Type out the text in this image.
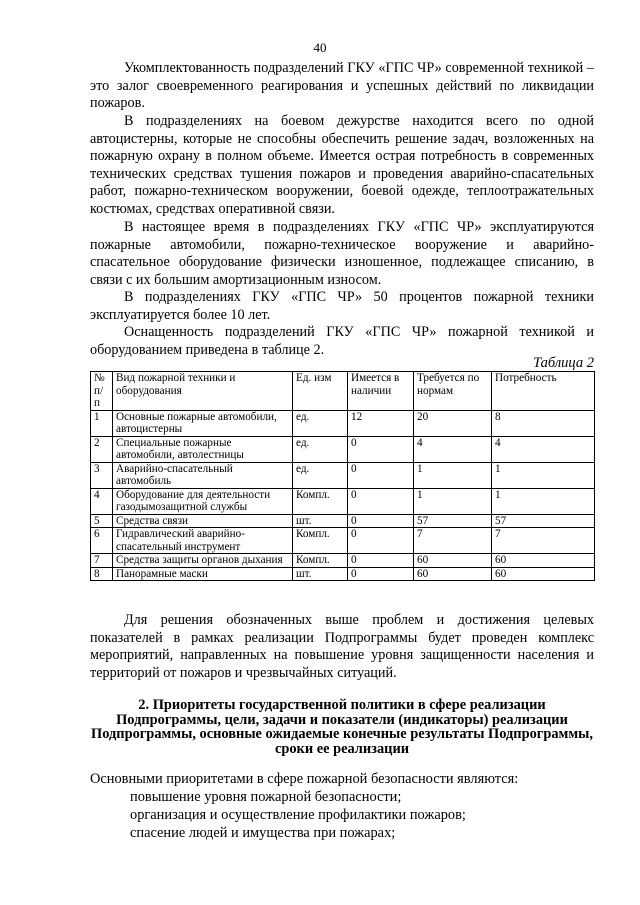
40

Укомплектованность подразделений ГКУ «ГПС ЧР» современной техникой – это залог своевременного реагирования и успешных действий по ликвидации пожаров.

В подразделениях на боевом дежурстве находится всего по одной автоцистерны, которые не способны обеспечить решение задач, возложенных на пожарную охрану в полном объеме. Имеется острая потребность в современных технических средствах тушения пожаров и проведения аварийно-спасательных работ, пожарно-техническом вооружении, боевой одежде, теплоотражательных костюмах, средствах оперативной связи.

В настоящее время в подразделениях ГКУ «ГПС ЧР» эксплуатируются пожарные автомобили, пожарно-техническое вооружение и аварийно-спасательное оборудование физически изношенное, подлежащее списанию, в связи с их большим амортизационным износом.

В подразделениях ГКУ «ГПС ЧР» 50 процентов пожарной техники эксплуатируется более 10 лет.

Оснащенность подразделений ГКУ «ГПС ЧР» пожарной техникой и оборудованием приведена в таблице 2.

Таблица 2
№ п/п	Вид пожарной техники и оборудования	Ед. изм	Имеется в наличии	Требуется по нормам	Потребность
1	Основные пожарные автомобили, автоцистерны	ед.	12	20	8
2	Специальные пожарные автомобили, автолестницы	ед.	0	4	4
3	Аварийно-спасательный автомобиль	ед.	0	1	1
4	Оборудование для деятельности газодымозащитной службы	Компл.	0	1	1
5	Средства связи	шт.	0	57	57
6	Гидравлический аварийно-спасательный инструмент	Компл.	0	7	7
7	Средства защиты органов дыхания	Компл.	0	60	60
8	Панорамные маски	шт.	0	60	60

Для решения обозначенных выше проблем и достижения целевых показателей в рамках реализации Подпрограммы будет проведен комплекс мероприятий, направленных на повышение уровня защищенности населения и территорий от пожаров и чрезвычайных ситуаций.

2. Приоритеты государственной политики в сфере реализации Подпрограммы, цели, задачи и показатели (индикаторы) реализации Подпрограммы, основные ожидаемые конечные результаты Подпрограммы, сроки ее реализации

Основными приоритетами в сфере пожарной безопасности являются:

повышение уровня пожарной безопасности;

организация и осуществление профилактики пожаров;

спасение людей и имущества при пожарах;
